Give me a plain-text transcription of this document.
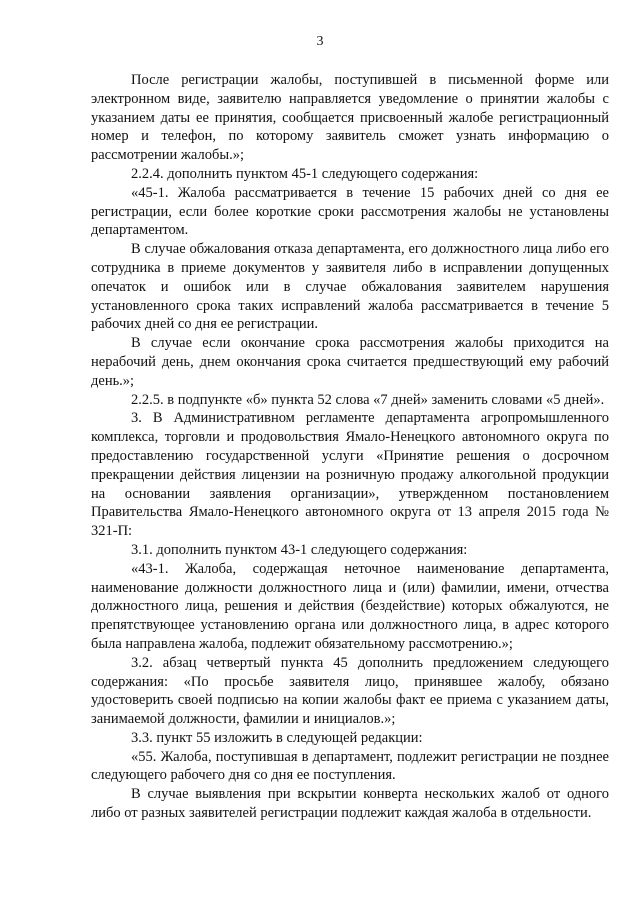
3

После регистрации жалобы, поступившей в письменной форме или электронном виде, заявителю направляется уведомление о принятии жалобы с указанием даты ее принятия, сообщается присвоенный жалобе регистрационный номер и телефон, по которому заявитель сможет узнать информацию о рассмотрении жалобы.»;

2.2.4. дополнить пунктом 45-1 следующего содержания:

«45-1. Жалоба рассматривается в течение 15 рабочих дней со дня ее регистрации, если более короткие сроки рассмотрения жалобы не установлены департаментом.

В случае обжалования отказа департамента, его должностного лица либо его сотрудника в приеме документов у заявителя либо в исправлении допущенных опечаток и ошибок или в случае обжалования заявителем нарушения установленного срока таких исправлений жалоба рассматривается в течение 5 рабочих дней со дня ее регистрации.

В случае если окончание срока рассмотрения жалобы приходится на нерабочий день, днем окончания срока считается предшествующий ему рабочий день.»;

2.2.5. в подпункте «б» пункта 52 слова «7 дней» заменить словами «5 дней».

3. В Административном регламенте департамента агропромышленного комплекса, торговли и продовольствия Ямало-Ненецкого автономного округа по предоставлению государственной услуги «Принятие решения о досрочном прекращении действия лицензии на розничную продажу алкогольной продукции на основании заявления организации», утвержденном постановлением Правительства Ямало-Ненецкого автономного округа от 13 апреля 2015 года № 321-П:

3.1. дополнить пунктом 43-1 следующего содержания:

«43-1. Жалоба, содержащая неточное наименование департамента, наименование должности должностного лица и (или) фамилии, имени, отчества должностного лица, решения и действия (бездействие) которых обжалуются, не препятствующее установлению органа или должностного лица, в адрес которого была направлена жалоба, подлежит обязательному рассмотрению.»;

3.2. абзац четвертый пункта 45 дополнить предложением следующего содержания: «По просьбе заявителя лицо, принявшее жалобу, обязано удостоверить своей подписью на копии жалобы факт ее приема с указанием даты, занимаемой должности, фамилии и инициалов.»;

3.3. пункт 55 изложить в следующей редакции:

«55. Жалоба, поступившая в департамент, подлежит регистрации не позднее следующего рабочего дня со дня ее поступления.

В случае выявления при вскрытии конверта нескольких жалоб от одного либо от разных заявителей регистрации подлежит каждая жалоба в отдельности.
